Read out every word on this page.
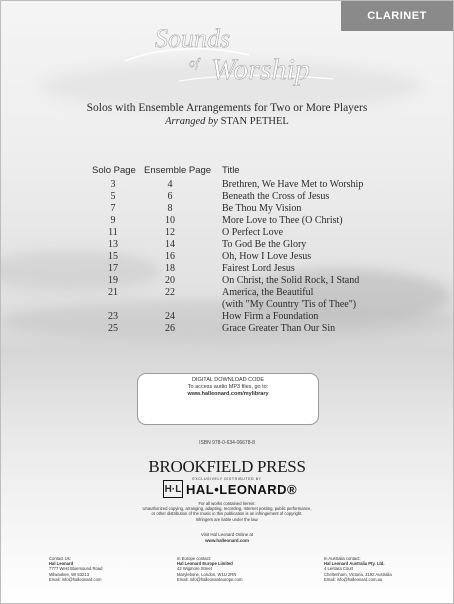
CLARINET
Sounds
of Worship
Solos with Ensemble Arrangements for Two or More Players
Arranged by STAN PETHEL
Solo Page Ensemble Page Title
3	4	Brethren, We Have Met to Worship
5	6	Beneath the Cross of Jesus
7	8	Be Thou My Vision
9	10	More Love to Thee (O Christ)
11	12	O Perfect Love
13	14	To God Be the Glory
15	16	Oh, How I Love Jesus
17	18	Fairest Lord Jesus
19	20	On Christ, the Solid Rock, I Stand
21	22	America, the Beautiful
(with "My Country 'Tis of Thee")
23	24	How Firm a Foundation
25	26	Grace Greater Than Our Sin
DIGITAL DOWNLOAD CODE
To access audio MP3 files, go to:
www.halleonard.com/mylibrary
ISBN 978-0-634-06678-8
BROOKFIELD PRESS
EXCLUSIVELY DISTRIBUTED BY
H·L HAL•LEONARD®
For all works contained herein:
Unauthorized copying, arranging, adapting, recording, Internet posting, public performance,
or other distribution of the music in this publication is an infringement of copyright.
Infringers are liable under the law.
Visit Hal Leonard Online at
www.halleonard.com
Contact Us:
Hal Leonard
7777 West Bluemound Road
Milwaukee, WI 53213
Email: info@halleonard.com
In Europe contact:
Hal Leonard Europe Limited
42 Wigmore Street
Marylebone, London, W1U 2RN
Email: info@halleonardeurope.com
In Australia contact:
Hal Leonard Australia Pty. Ltd.
4 Lentara Court
Cheltenham, Victoria, 3192 Australia
Email: info@halleonard.com.au
